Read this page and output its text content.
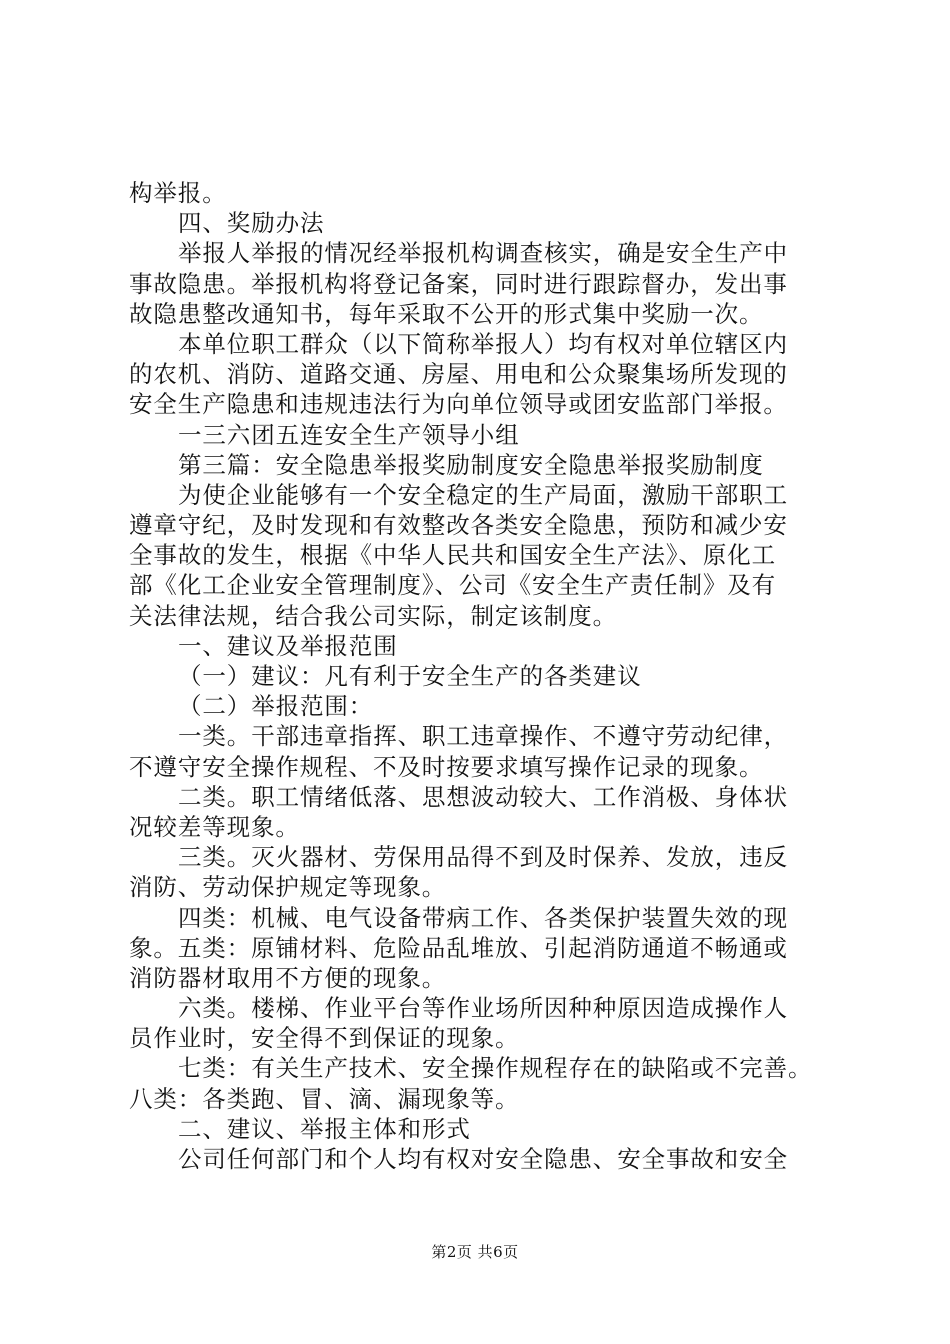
构举报。
四、奖励办法
举报人举报的情况经举报机构调查核实，确是安全生产中
事故隐患。举报机构将登记备案，同时进行跟踪督办，发出事
故隐患整改通知书，每年采取不公开的形式集中奖励一次。
本单位职工群众（以下简称举报人）均有权对单位辖区内
的农机、消防、道路交通、房屋、用电和公众聚集场所发现的
安全生产隐患和违规违法行为向单位领导或团安监部门举报。
一三六团五连安全生产领导小组
第三篇：安全隐患举报奖励制度安全隐患举报奖励制度
为使企业能够有一个安全稳定的生产局面，激励干部职工
遵章守纪，及时发现和有效整改各类安全隐患，预防和减少安
全事故的发生，根据《中华人民共和国安全生产法》、原化工
部《化工企业安全管理制度》、公司《安全生产责任制》及有
关法律法规，结合我公司实际，制定该制度。
一、建议及举报范围
（一）建议：凡有利于安全生产的各类建议
（二）举报范围：
一类。干部违章指挥、职工违章操作、不遵守劳动纪律，
不遵守安全操作规程、不及时按要求填写操作记录的现象。
二类。职工情绪低落、思想波动较大、工作消极、身体状
况较差等现象。
三类。灭火器材、劳保用品得不到及时保养、发放，违反
消防、劳动保护规定等现象。
四类：机械、电气设备带病工作、各类保护装置失效的现
象。五类：原铺材料、危险品乱堆放、引起消防通道不畅通或
消防器材取用不方便的现象。
六类。楼梯、作业平台等作业场所因种种原因造成操作人
员作业时，安全得不到保证的现象。
七类：有关生产技术、安全操作规程存在的缺陷或不完善。
八类：各类跑、冒、滴、漏现象等。
二、建议、举报主体和形式
公司任何部门和个人均有权对安全隐患、安全事故和安全
第2页 共6页
